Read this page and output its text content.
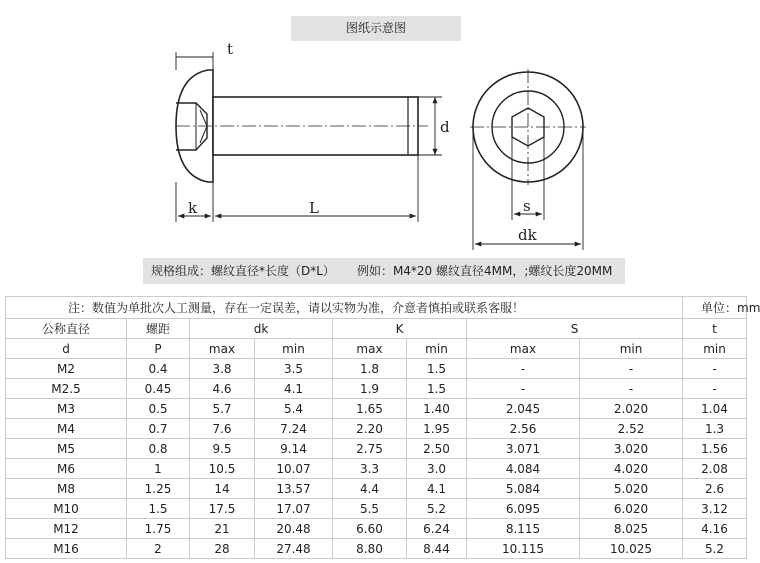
图纸示意图
t
d
k	L	s
dk
规格组成：螺纹直径*长度（D*L） 例如：M4*20 螺纹直径4MM，;螺纹长度20MM
注：数值为单批次人工测量，存在一定误差，请以实物为准，介意者慎拍或联系客服！								单位：mm
公称直径	螺距	dk		K		S		t
d	P	max	min	max	min	max	min	min
M2	0.4	3.8	3.5	1.8	1.5	-	-	-
M2.5	0.45	4.6	4.1	1.9	1.5	-	-	-
M3	0.5	5.7	5.4	1.65	1.40	2.045	2.020	1.04
M4	0.7	7.6	7.24	2.20	1.95	2.56	2.52	1.3
M5	0.8	9.5	9.14	2.75	2.50	3.071	3.020	1.56
M6	1	10.5	10.07	3.3	3.0	4.084	4.020	2.08
M8	1.25	14	13.57	4.4	4.1	5.084	5.020	2.6
M10	1.5	17.5	17.07	5.5	5.2	6.095	6.020	3.12
M12	1.75	21	20.48	6.60	6.24	8.115	8.025	4.16
M16	2	28	27.48	8.80	8.44	10.115	10.025	5.2
